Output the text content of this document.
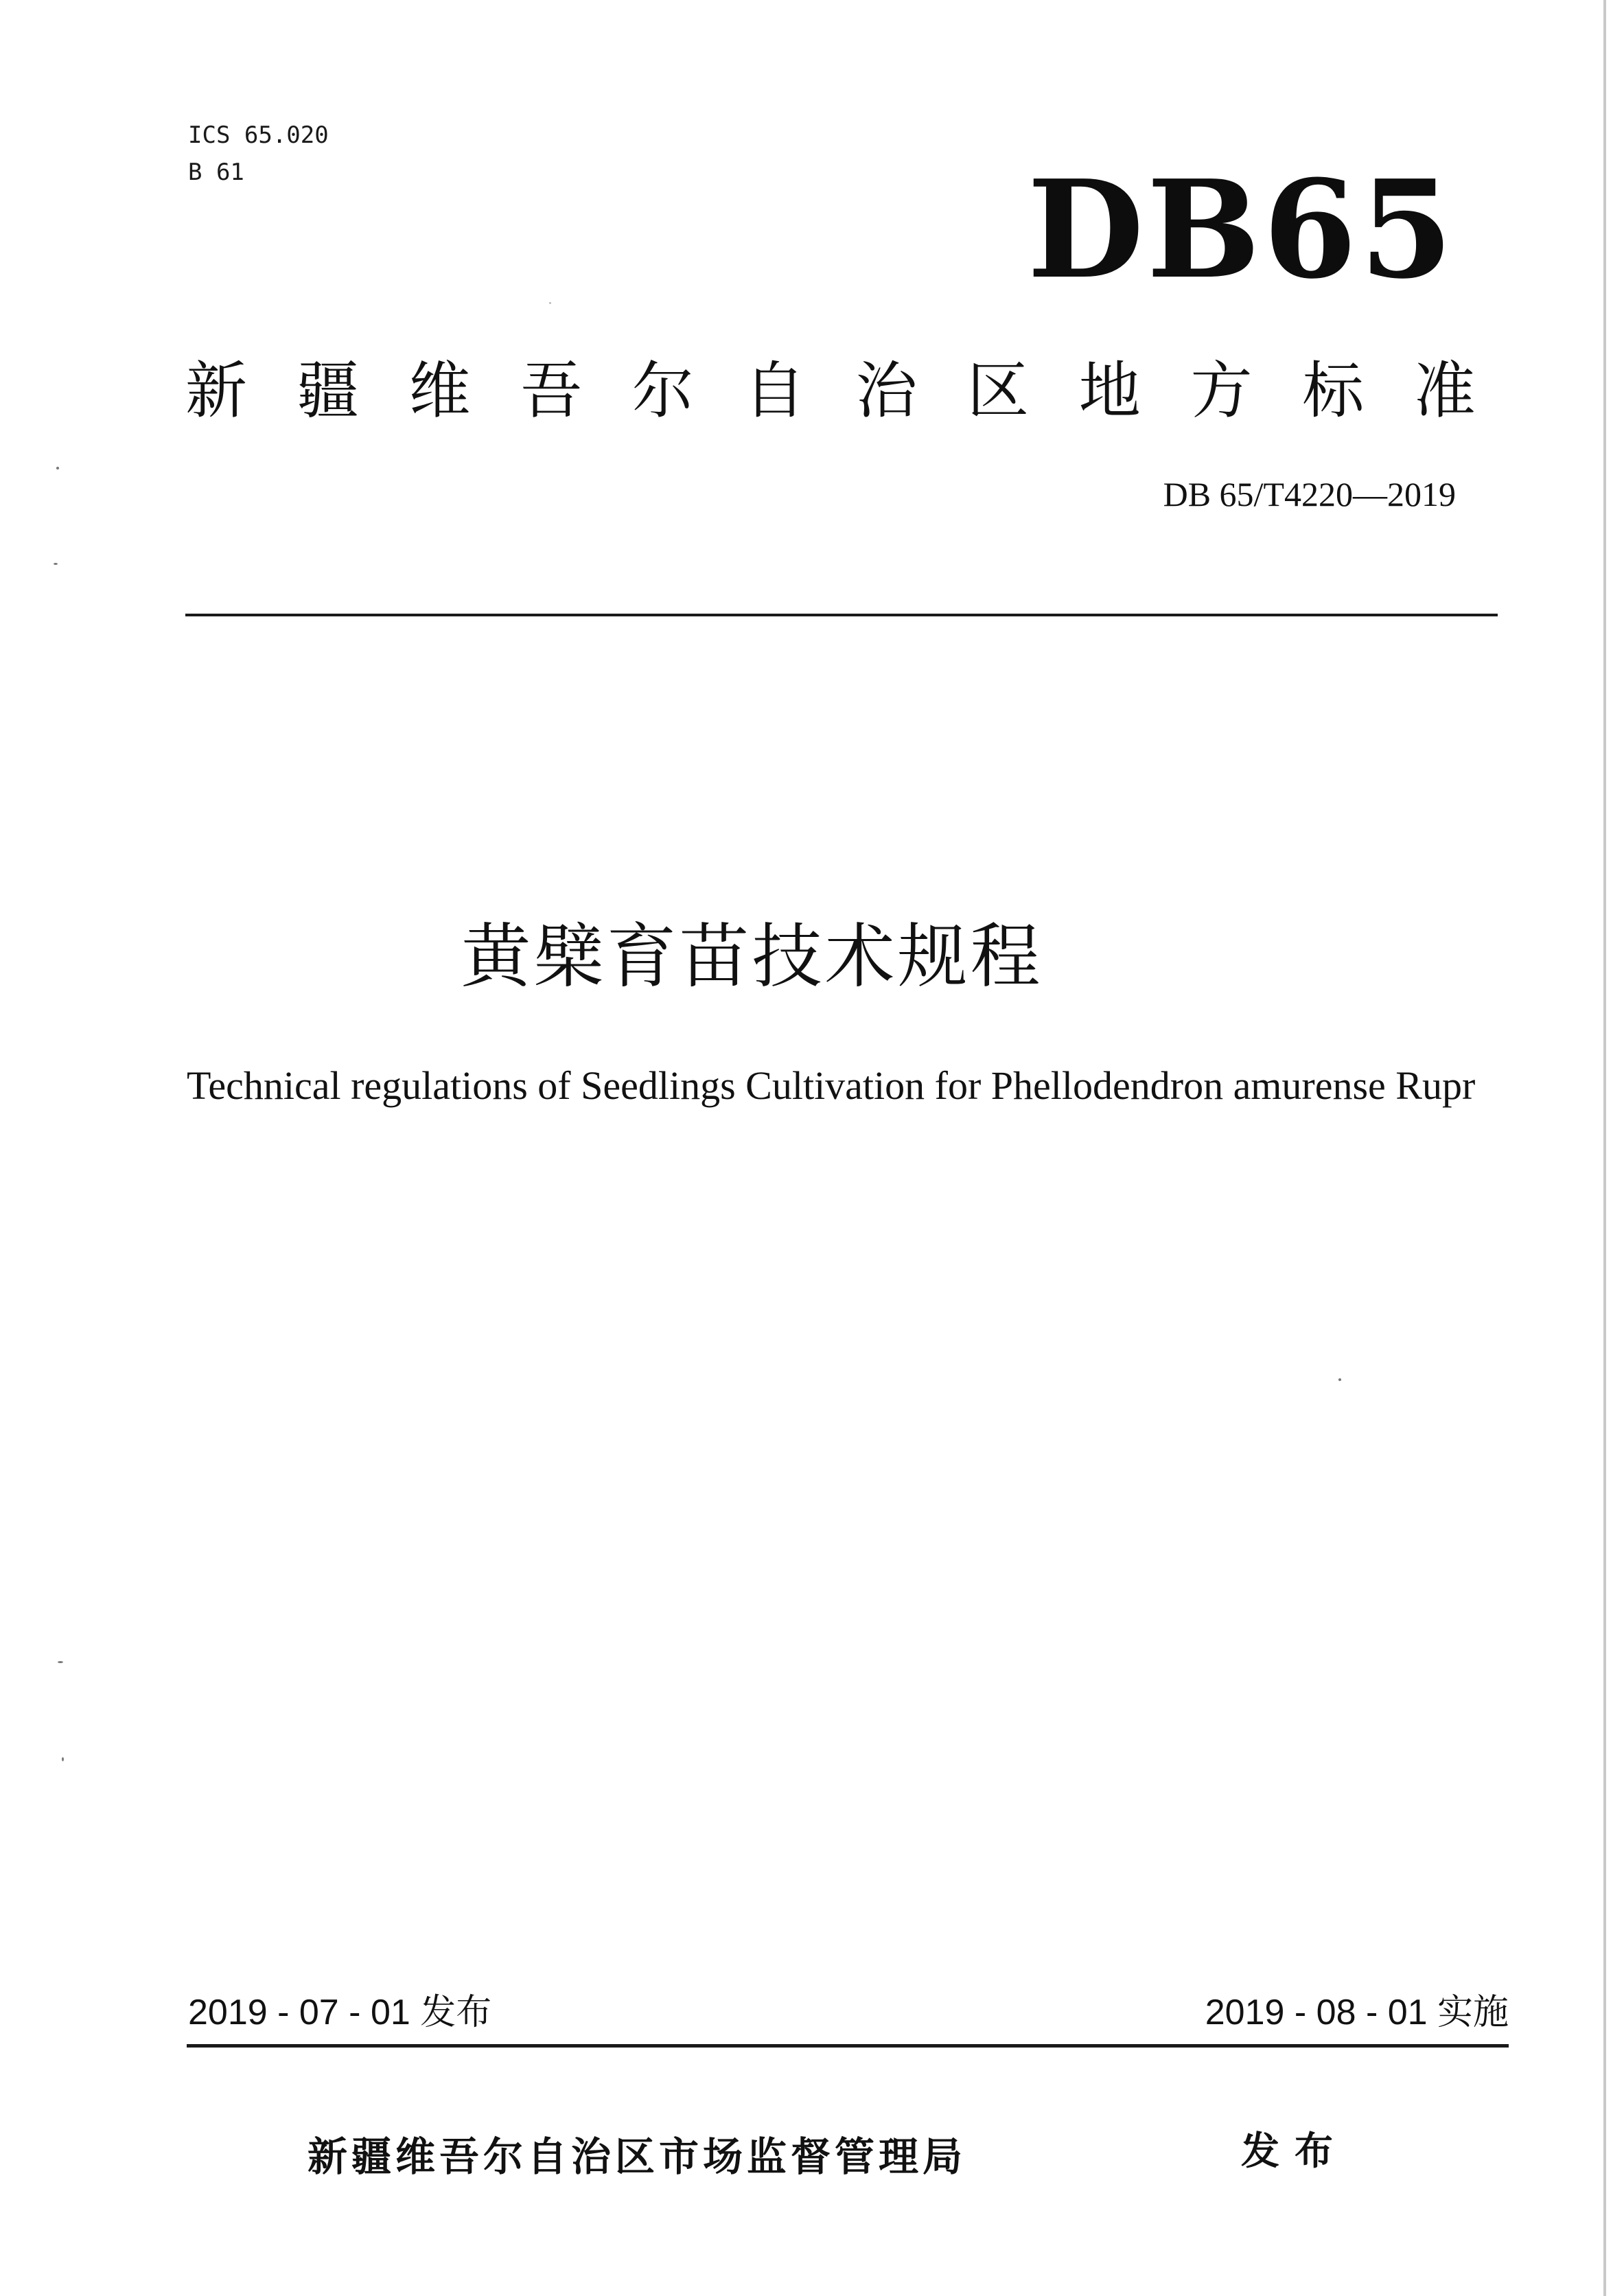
ICS 65.020
B 61	DB65
新 疆 维 吾 尔 自 治 区 地 方 标 准
DB 65/T4220—2019
黄檗育苗技术规程
Technical regulations of Seedlings Cultivation for Phellodendron amurense Rupr
2019 - 07 - 01 发布	2019 - 08 - 01 实施
新疆维吾尔自治区市场监督管理局	发布
